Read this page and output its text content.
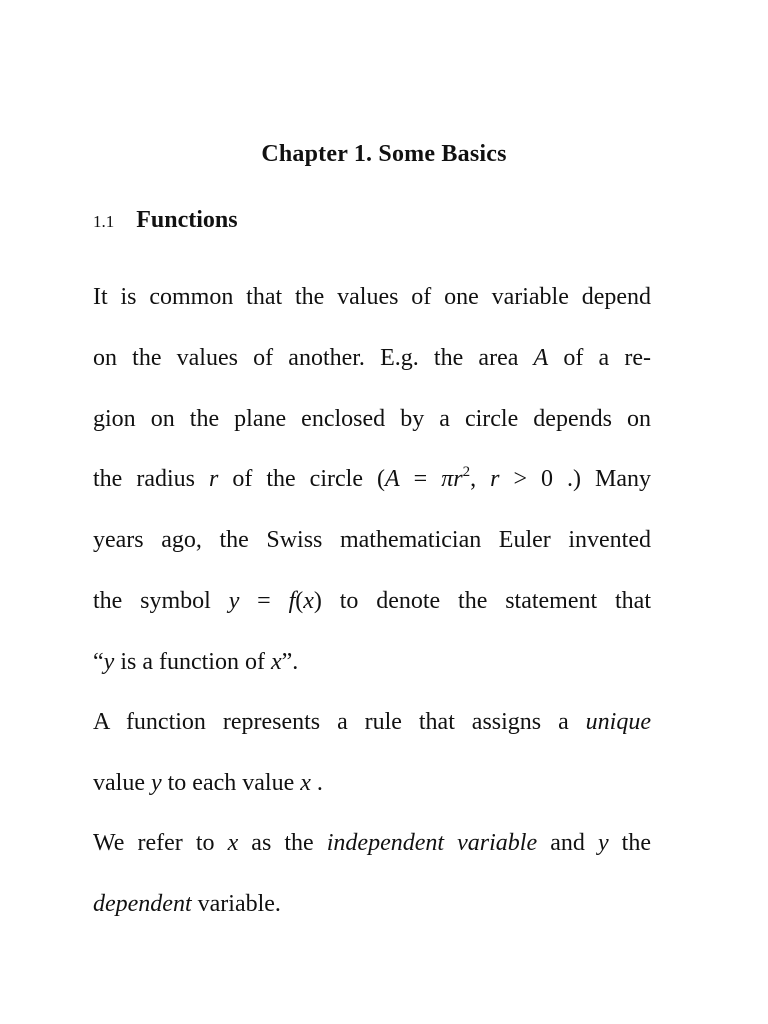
Chapter 1. Some Basics
1.1 Functions
It is common that the values of one variable depend
on the values of another. E.g. the area A of a re-
gion on the plane enclosed by a circle depends on
the radius r of the circle ($A = \pi r^2$, r > 0 .) Many
years ago, the Swiss mathematician Euler invented
the symbol y = f(x) to denote the statement that
“y is a function of x”.
A function represents a rule that assigns a unique
value y to each value x .
We refer to x as the independent variable and y the
dependent variable.
